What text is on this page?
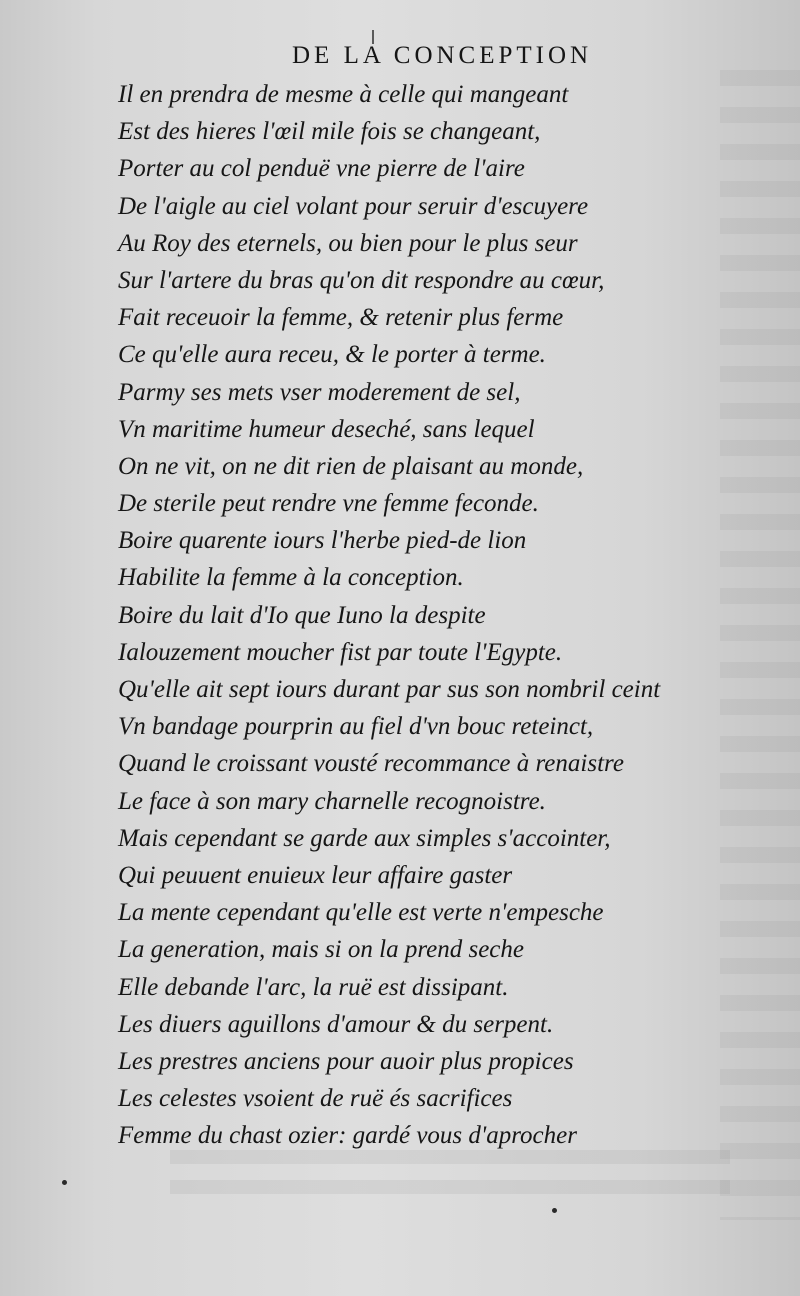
DE LA CONCEPTION
Il en prendra de mesme à celle qui mangeant
Est des hieres l'œil mile fois se changeant,
Porter au col penduë vne pierre de l'aire
De l'aigle au ciel volant pour seruir d'escuyere
Au Roy des eternels, ou bien pour le plus seur
Sur l'artere du bras qu'on dit respondre au cœur,
Fait receuoir la femme, & retenir plus ferme
Ce qu'elle aura receu, & le porter à terme.
Parmy ses mets vser moderement de sel,
Vn maritime humeur deseché, sans lequel
On ne vit, on ne dit rien de plaisant au monde,
De sterile peut rendre vne femme feconde.
Boire quarente iours l'herbe pied-de lion
Habilite la femme à la conception.
Boire du lait d'Io que Iuno la despite
Ialouzement moucher fist par toute l'Egypte.
Qu'elle ait sept iours durant par sus son nombril ceint
Vn bandage pourprin au fiel d'vn bouc reteinct,
Quand le croissant vousté recommance à renaistre
Le face à son mary charnelle recognoistre.
Mais cependant se garde aux simples s'accointer,
Qui peuuent enuieux leur affaire gaster
La mente cependant qu'elle est verte n'empesche
La generation, mais si on la prend seche
Elle debande l'arc, la ruë est dissipant.
Les diuers aguillons d'amour & du serpent.
Les prestres anciens pour auoir plus propices
Les celestes vsoient de ruë és sacrifices
Femme du chast ozier: gardé vous d'aprocher
